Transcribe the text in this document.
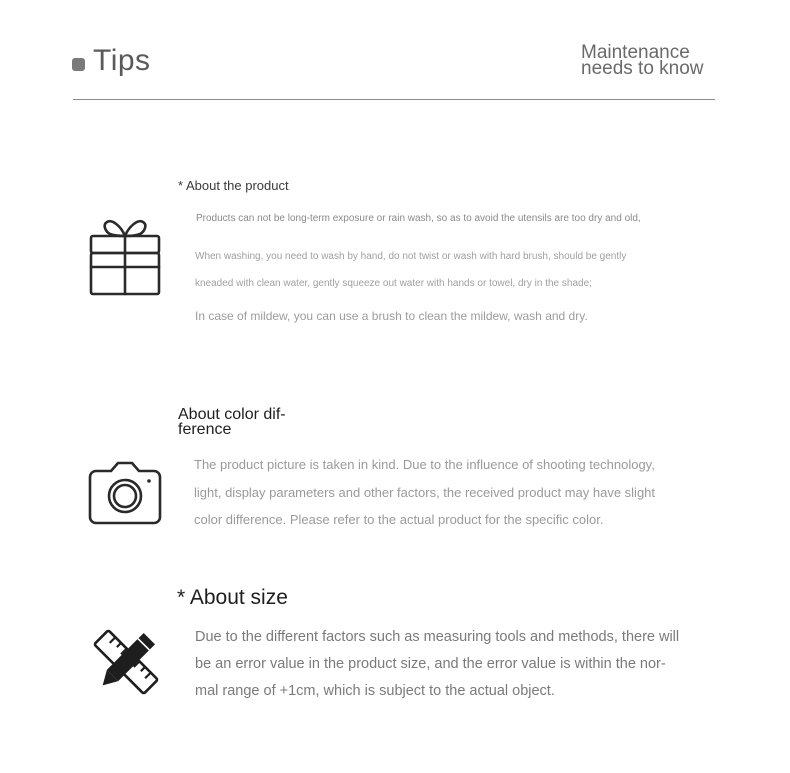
Tips	Maintenance
needs to know
* About the product

Products can not be long-term exposure or rain wash, so as to avoid the utensils are too dry and old,

When washing, you need to wash by hand, do not twist or wash with hard brush, should be gently

kneaded with clean water, gently squeeze out water with hands or towel, dry in the shade;

In case of mildew, you can use a brush to clean the mildew, wash and dry.

About color dif-
ference
The product picture is taken in kind. Due to the influence of shooting technology,
light, display parameters and other factors, the received product may have slight
color difference. Please refer to the actual product for the specific color.
* About size
Due to the different factors such as measuring tools and methods, there will
be an error value in the product size, and the error value is within the nor-
mal range of +1cm, which is subject to the actual object.
